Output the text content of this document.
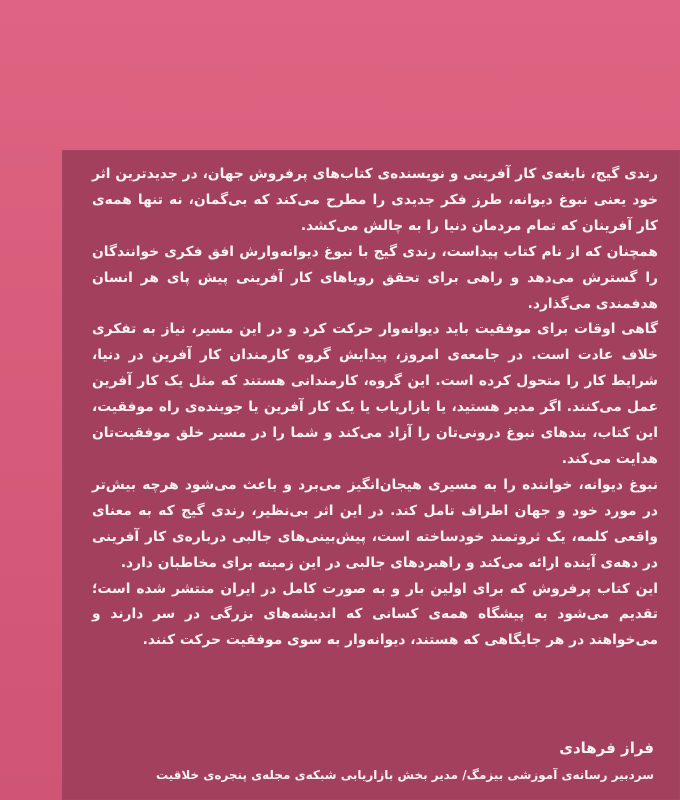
رندی گیج، نابغه‌ی کار آفرینی و نویسنده‌ی کتاب‌های پرفروش جهان، در جدیدترین اثر خود یعنی نبوغ دیوانه، طرز فکر جدیدی را مطرح می‌کند که بی‌گمان، نه تنها همه‌ی کار آفرینان که تمام مردمان دنیا را به چالش می‌کشد.

همچنان که از نام کتاب پیداست، رندی گیج با نبوغ دیوانه‌وارش افق فکری خوانندگان را گسترش می‌دهد و راهی برای تحقق رویاهای کار آفرینی پیش پای هر انسان هدفمندی می‌گذارد.

گاهی اوقات برای موفقیت باید دیوانه‌وار حرکت کرد و در این مسیر، نیاز به تفکری خلاف عادت است. در جامعه‌ی امروز، پیدایش گروه کارمندان کار آفرین در دنیا، شرایط کار را متحول کرده است. این گروه، کارمندانی هستند که مثل یک کار آفرین عمل می‌کنند. اگر مدیر هستید، یا بازاریاب یا یک کار آفرین یا جوینده‌ی راه موفقیت، این کتاب، بندهای نبوغ درونی‌تان را آزاد می‌کند و شما را در مسیر خلق موفقیت‌تان هدایت می‌کند.

نبوغ دیوانه، خواننده را به مسیری هیجان‌انگیز می‌برد و باعث می‌شود هرچه بیش‌تر در مورد خود و جهان اطراف تامل کند. در این اثر بی‌نظیر، رندی گیج که به معنای واقعی کلمه، یک ثروتمند خودساخته است، پیش‌بینی‌های جالبی درباره‌ی کار آفرینی در دهه‌ی آینده ارائه می‌کند و راهبردهای جالبی در این زمینه برای مخاطبان دارد.

این کتاب پرفروش که برای اولین بار و به صورت کامل در ایران منتشر شده است؛ تقدیم می‌شود به پیشگاه همه‌ی کسانی که اندیشه‌های بزرگی در سر دارند و می‌خواهند در هر جایگاهی که هستند، دیوانه‌وار به سوی موفقیت حرکت کنند.

فراز فرهادی
سردبیر رسانه‌ی آموزشی بیزمگ/ مدیر بخش بازاریابی شبکه‌ی مجله‌ی پنجره‌ی خلاقیت
